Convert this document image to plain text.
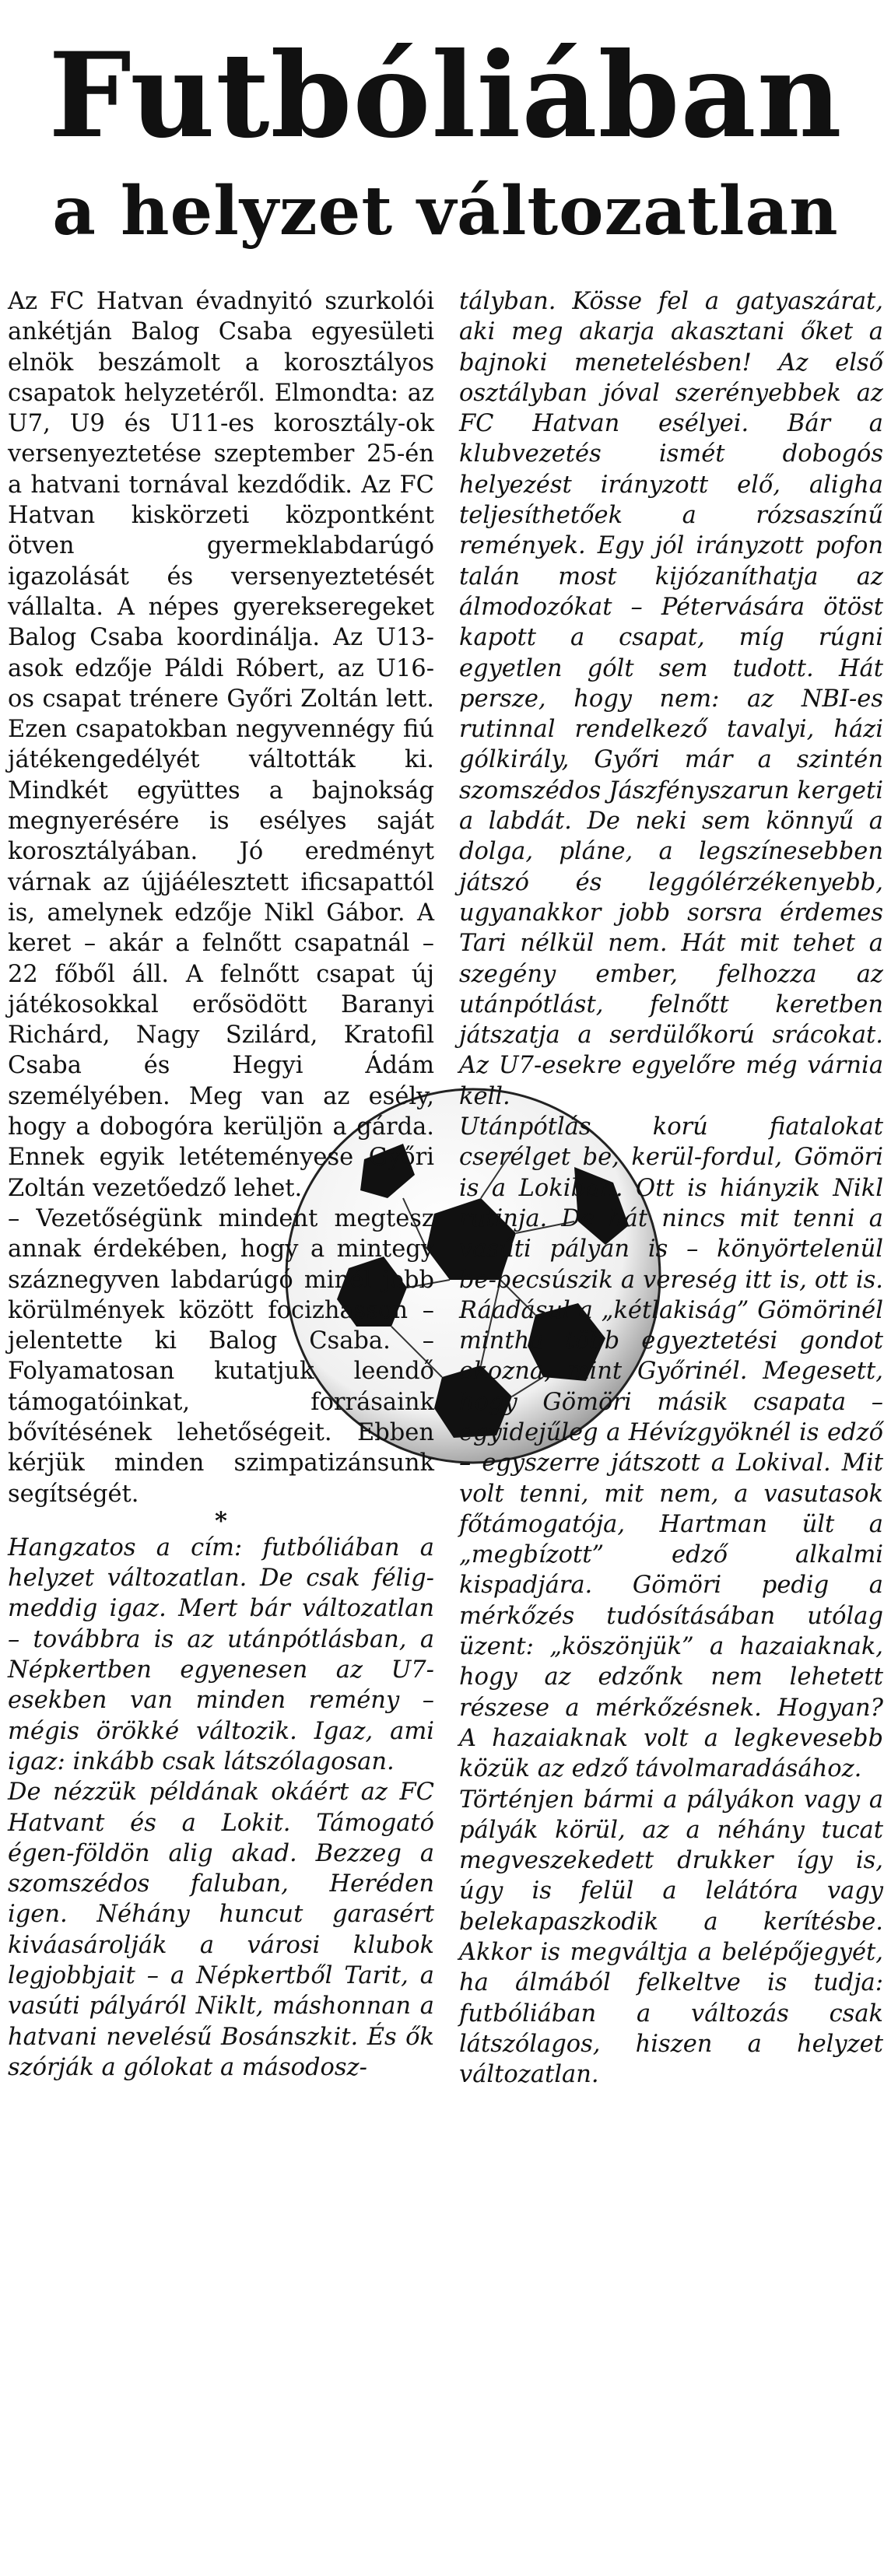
Futbóliában
a helyzet változatlan

Az FC Hatvan évadnyitó szurkolói ankétján Balog Csaba egyesületi elnök beszámolt a korosztályos csapatok helyzetéről. Elmondta: az U7, U9 és U11-es korosztály-ok versenyeztetése szeptember 25-én a hatvani tornával kezdődik. Az FC Hatvan kiskörzeti központként ötven gyermeklabdarúgó igazolását és versenyeztetését vállalta. A népes gyerekseregeket Balog Csaba koordinálja. Az U13-asok edzője Páldi Róbert, az U16-os csapat trénere Győri Zoltán lett. Ezen csapatokban negyvennégy fiú játékengedélyét váltották ki. Mindkét együttes a bajnokság megnyerésére is esélyes saját korosztályában. Jó eredményt várnak az újjáélesztett ificsapattól is, amelynek edzője Nikl Gábor. A keret – akár a felnőtt csapatnál – 22 főből áll. A felnőtt csapat új játékosokkal erősödött Baranyi Richárd, Nagy Szilárd, Kratofil Csaba és Hegyi Ádám személyében. Meg van az esély, hogy a dobogóra kerüljön a gárda. Ennek egyik letéteményese Győri Zoltán vezetőedző lehet.

– Vezetőségünk mindent megtesz annak érdekében, hogy a mintegy száznegyven labdarúgó minél jobb körülmények között focizhasson – jelentette ki Balog Csaba. – Folyamatosan kutatjuk leendő támogatóinkat, forrásaink bővítésének lehetőségeit. Ebben kérjük minden szimpatizánsunk segítségét.

*

Hangzatos a cím: futbóliában a helyzet változatlan. De csak félig-meddig igaz. Mert bár változatlan – továbbra is az utánpótlásban, a Népkertben egyenesen az U7-esekben van minden remény – mégis örökké változik. Igaz, ami igaz: inkább csak látszólagosan.

De nézzük példának okáért az FC Hatvant és a Lokit. Támogató égen-földön alig akad. Bezzeg a szomszédos faluban, Heréden igen. Néhány huncut garasért kiváasárolják a városi klubok legjobbjait – a Népkertből Tarit, a vasúti pályáról Niklt, máshonnan a hatvani nevelésű Bosánszkit. És ők szórják a gólokat a másodosz-

tályban. Kösse fel a gatyaszárat, aki meg akarja akasztani őket a bajnoki menetelésben! Az első osztályban jóval szerényebbek az FC Hatvan esélyei. Bár a klubvezetés ismét dobogós helyezést irányzott elő, aligha teljesíthetőek a rózsaszínű remények. Egy jól irányzott pofon talán most kijózaníthatja az álmodozókat – Pétervására ötöst kapott a csapat, míg rúgni egyetlen gólt sem tudott. Hát persze, hogy nem: az NBI-es rutinnal rendelkező tavalyi, házi gólkirály, Győri már a szintén szomszédos Jászfényszarun kergeti a labdát. De neki sem könnyű a dolga, pláne, a legszínesebben játszó és leggólérzékenyebb, ugyanakkor jobb sorsra érdemes Tari nélkül nem. Hát mit tehet a szegény ember, felhozza az utánpótlást, felnőtt keretben játszatja a serdülőkorú srácokat. Az U7-esekre egyelőre még várnia kell.

Utánpótlás korú fiatalokat cserélget be, kerül-fordul, Gömöri is a Lokiban. Ott is hiányzik Nikl rutinja. De hát nincs mit tenni a vasúti pályán is – könyörtelenül be-becsúszik a vereség itt is, ott is. Ráadásul a „kétlakiság” Gömörinél mintha több egyeztetési gondot okozna, mint Győrinél. Megesett, hogy Gömöri másik csapata – egyidejűleg a Hévízgyöknél is edző – egyszerre játszott a Lokival. Mit volt tenni, mit nem, a vasutasok főtámogatója, Hartman ült a „megbízott” edző alkalmi kispadjára. Gömöri pedig a mérkőzés tudósításában utólag üzent: „köszönjük” a hazaiaknak, hogy az edzőnk nem lehetett részese a mérkőzésnek. Hogyan? A hazaiaknak volt a legkevesebb közük az edző távolmaradásához.

Történjen bármi a pályákon vagy a pályák körül, az a néhány tucat megveszekedett drukker így is, úgy is felül a lelátóra vagy belekapaszkodik a kerítésbe. Akkor is megváltja a belépőjegyét, ha álmából felkeltve is tudja: futbóliában a változás csak látszólagos, hiszen a helyzet változatlan.
